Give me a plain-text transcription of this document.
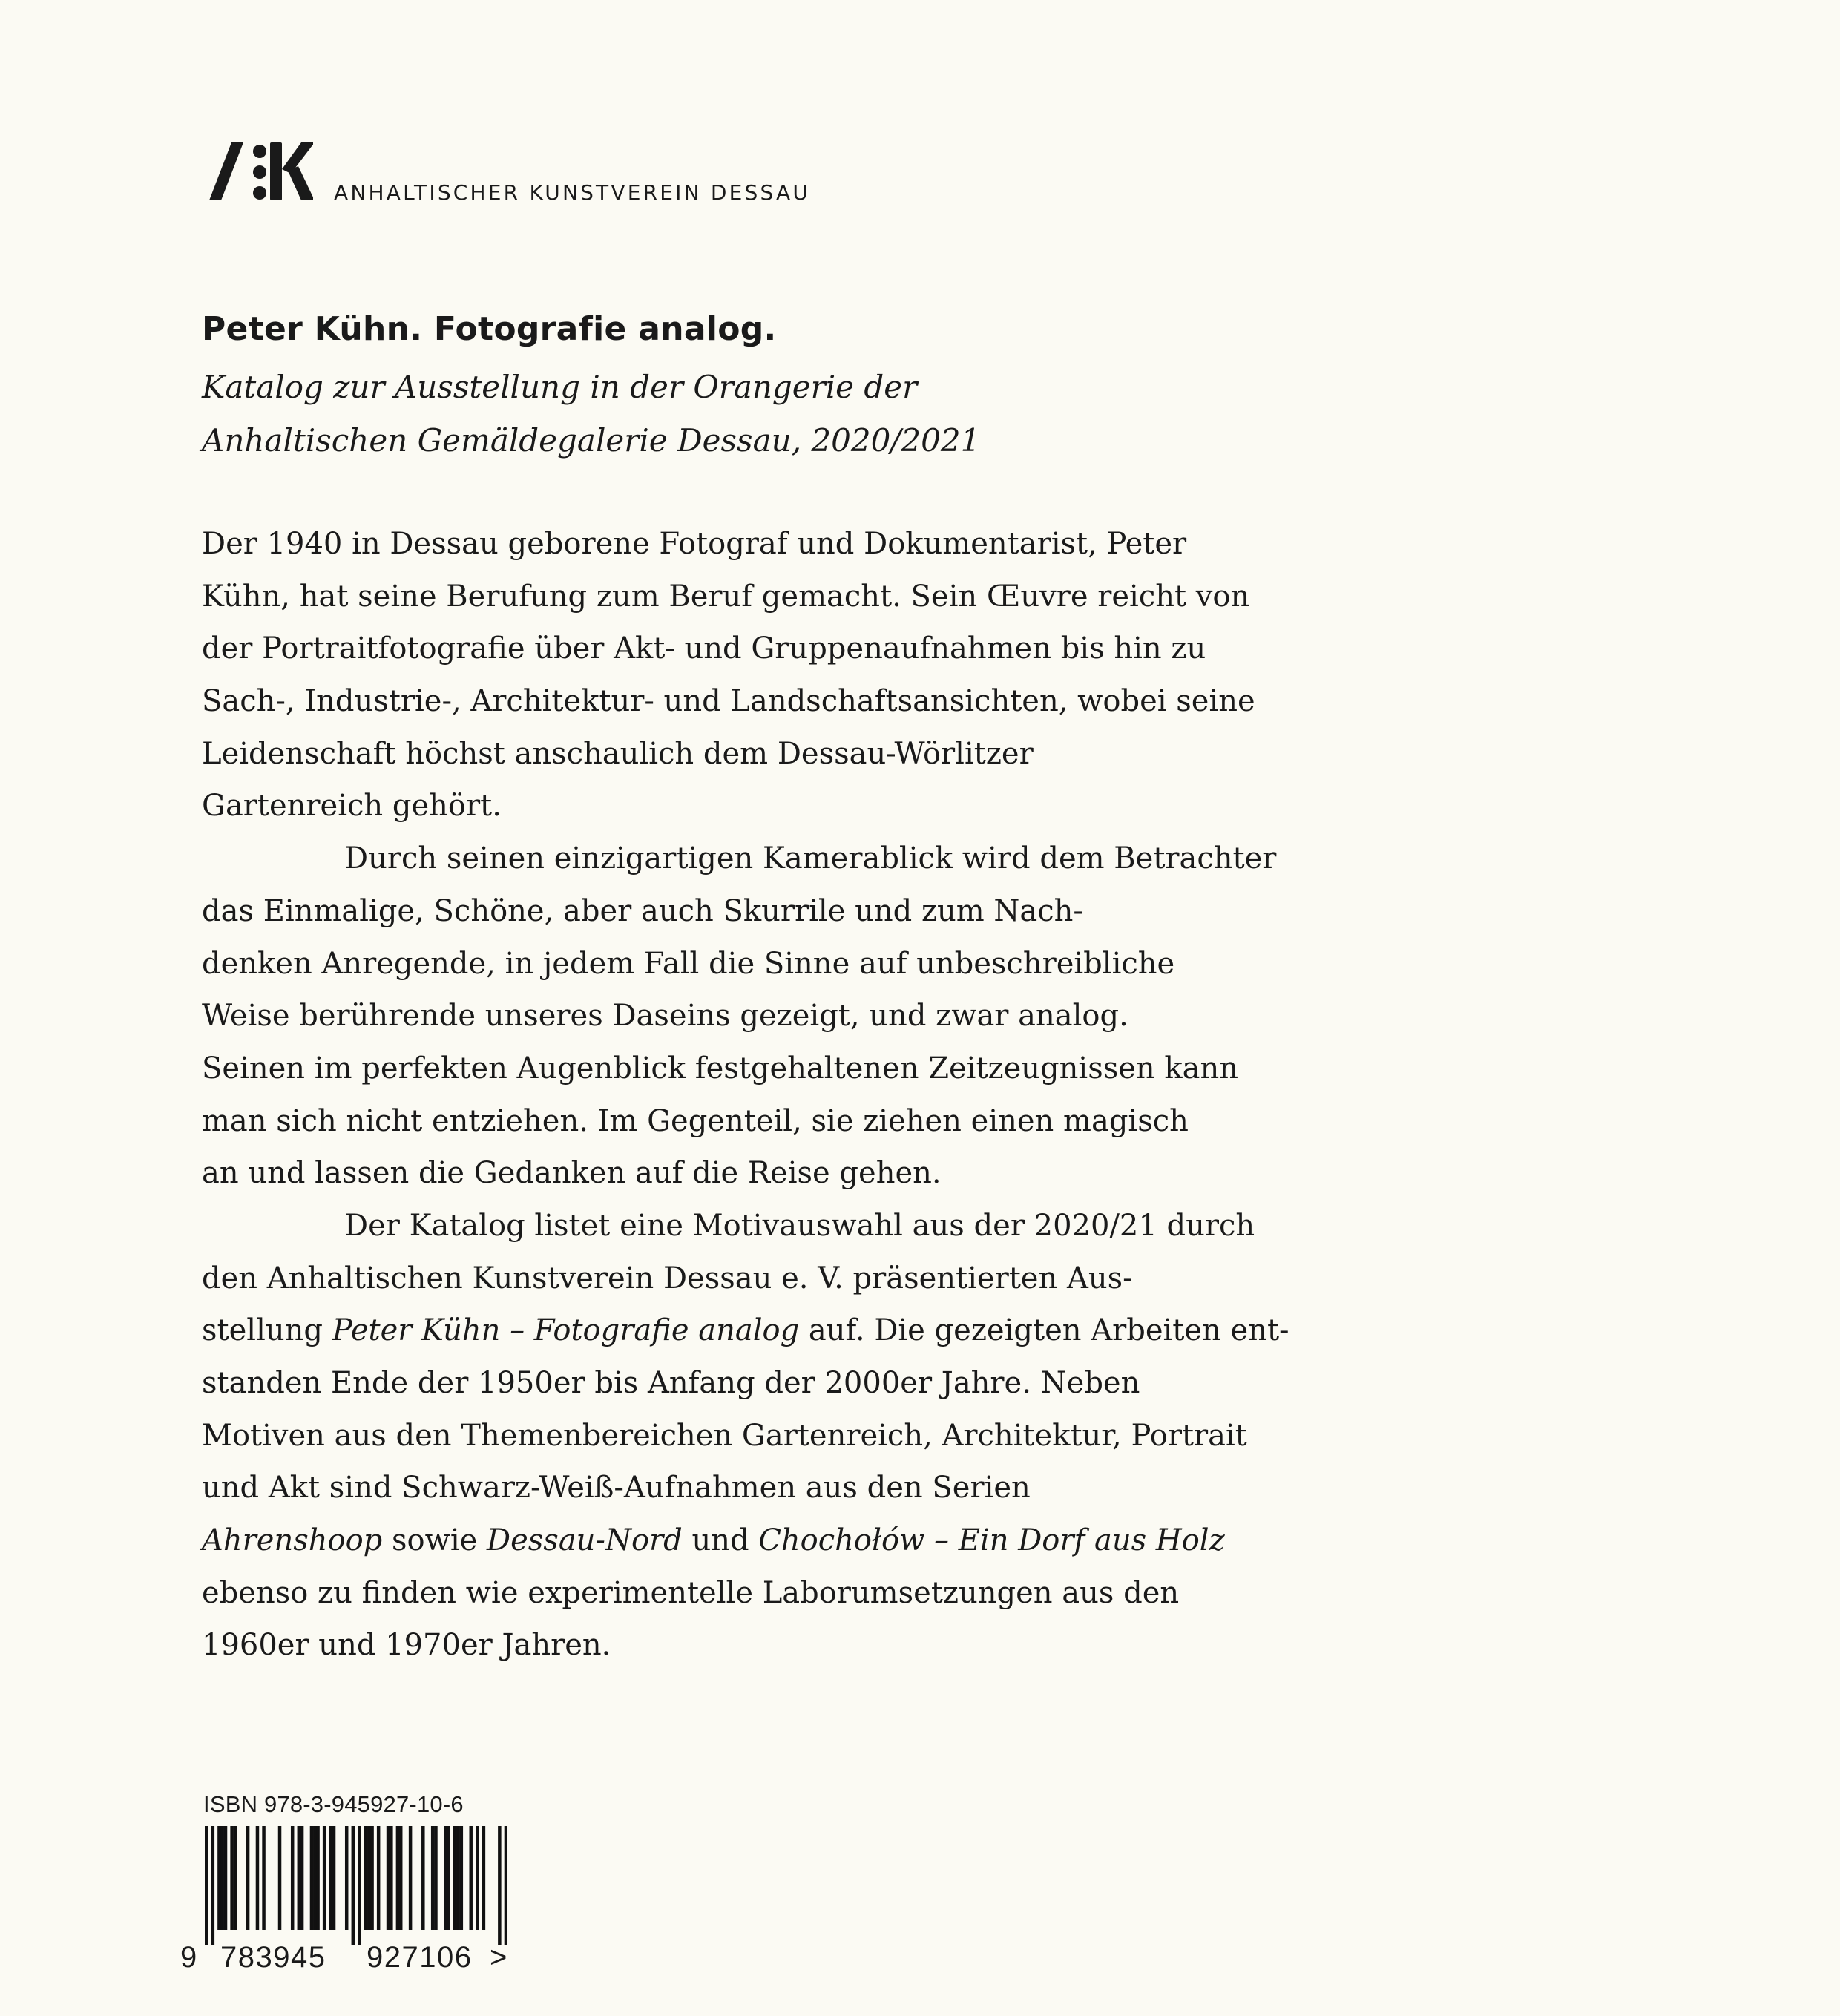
ANHALTISCHER KUNSTVEREIN DESSAU
Peter Kühn. Fotografie analog.
Katalog zur Ausstellung in der Orangerie der
Anhaltischen Gemäldegalerie Dessau, 2020/2021
Der 1940 in Dessau geborene Fotograf und Dokumentarist, Peter
Kühn, hat seine Berufung zum Beruf gemacht. Sein Œuvre reicht von
der Portraitfotografie über Akt- und Gruppenaufnahmen bis hin zu
Sach-, Industrie-, Architektur- und Landschaftsansichten, wobei seine
Leidenschaft höchst anschaulich dem Dessau-Wörlitzer
Gartenreich gehört.
Durch seinen einzigartigen Kamerablick wird dem Betrachter
das Einmalige, Schöne, aber auch Skurrile und zum Nach-
denken Anregende, in jedem Fall die Sinne auf unbeschreibliche
Weise berührende unseres Daseins gezeigt, und zwar analog.
Seinen im perfekten Augenblick festgehaltenen Zeitzeugnissen kann
man sich nicht entziehen. Im Gegenteil, sie ziehen einen magisch
an und lassen die Gedanken auf die Reise gehen.
Der Katalog listet eine Motivauswahl aus der 2020/21 durch
den Anhaltischen Kunstverein Dessau e. V. präsentierten Aus-
stellung Peter Kühn – Fotografie analog auf. Die gezeigten Arbeiten ent-
standen Ende der 1950er bis Anfang der 2000er Jahre. Neben
Motiven aus den Themenbereichen Gartenreich, Architektur, Portrait
und Akt sind Schwarz-Weiß-Aufnahmen aus den Serien
Ahrenshoop sowie Dessau-Nord und Chochołów – Ein Dorf aus Holz
ebenso zu finden wie experimentelle Laborumsetzungen aus den
1960er und 1970er Jahren.
ISBN 978-3-945927-10-6
9 783945 927106 >
